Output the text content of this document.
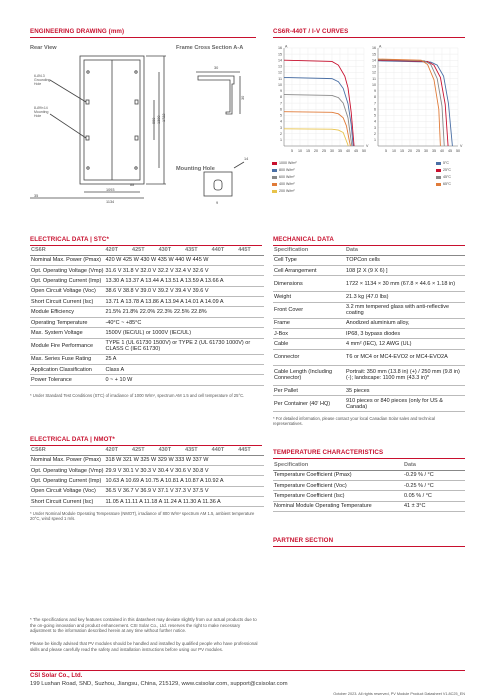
ENGINEERING DRAWING (mm)
Rear View	Frame Cross Section A-A
Mounting Hole
1722
1300
990
1093
1134
88
35
6-Ø4.3 Grounding Hole
8-Ø9×14 Mounting Hole
30
30
14
9
CS6R-440T / I-V CURVES
16
15
14
13
12
11
10
9
8
7
6
5
4
3
2
1
5 10 15 20 25 30 35 40 45 50
A
V
16
15
14
13
12
11
10
9
8
7
6
5
4
3
2
1
5 10 15 20 25 30 35 40 45 50
A
V
1000 W/m²
800 W/m²
600 W/m²
400 W/m²
200 W/m²
5°C
25°C
45°C
65°C
ELECTRICAL DATA | STC*
CS6R	420T	425T	430T	435T	440T	445T
Nominal Max. Power (Pmax)	420 W 425 W 430 W 435 W 440 W 445 W					
Opt. Operating Voltage (Vmp)	31.6 V 31.8 V 32.0 V 32.2 V 32.4 V 32.6 V					
Opt. Operating Current (Imp)	13.30 A 13.37 A 13.44 A 13.51 A 13.59 A 13.66 A					
Open Circuit Voltage (Voc)	38.6 V 38.8 V 39.0 V 39.2 V 39.4 V 39.6 V					
Short Circuit Current (Isc)	13.71 A 13.78 A 13.86 A 13.94 A 14.01 A 14.09 A					
Module Efficiency	21.5% 21.8% 22.0% 22.3% 22.5% 22.8%					
Operating Temperature	-40°C ~ +85°C					
Max. System Voltage	1500V (IEC/UL) or 1000V (IEC/UL)					
Module Fire Performance	TYPE 1 (UL 61730 1500V) or TYPE 2 (UL 61730 1000V) or CLASS C (IEC 61730)					
Max. Series Fuse Rating	25 A					
Application Classification	Class A					
Power Tolerance	0 ~ + 10 W					
* Under Standard Test Conditions (STC) of irradiance of 1000 W/m², spectrum AM 1.5 and cell temperature of 25°C.
MECHANICAL DATA
Specification	Data
Cell Type	TOPCon cells
Cell Arrangement	108 [2 X (9 X 6) ]
Dimensions	1722 × 1134 × 30 mm (67.8 × 44.6 × 1.18 in)
Weight	21.3 kg (47.0 lbs)
Front Cover	3.2 mm tempered glass with anti-reflective coating
Frame	Anodized aluminium alloy,
J-Box	IP68, 3 bypass diodes
Cable	4 mm² (IEC), 12 AWG (UL)
Connector	T6 or MC4 or MC4-EVO2 or MC4-EVO2A
Cable Length (Including Connector)	Portrait: 350 mm (13.8 in) (+) / 250 mm (9.8 in) (-); landscape: 1100 mm (43.3 in)*
Per Pallet	35 pieces
Per Container (40' HQ)	910 pieces or 840 pieces (only for US & Canada)
* For detailed information, please contact your local Canadian Solar sales and technical representatives.
ELECTRICAL DATA | NMOT*
CS6R	420T	425T	430T	435T	440T	445T
Nominal Max. Power (Pmax)	318 W 321 W 325 W 329 W 333 W 337 W					
Opt. Operating Voltage (Vmp)	29.9 V 30.1 V 30.3 V 30.4 V 30.6 V 30.8 V					
Opt. Operating Current (Imp)	10.63 A 10.69 A 10.75 A 10.81 A 10.87 A 10.92 A					
Open Circuit Voltage (Voc)	36.5 V 36.7 V 36.9 V 37.1 V 37.3 V 37.5 V					
Short Circuit Current (Isc)	11.05 A 11.11 A 11.18 A 11.24 A 11.30 A 11.36 A					
* Under Nominal Module Operating Temperature (NMOT), irradiance of 800 W/m² spectrum AM 1.5, ambient temperature 20°C, wind speed 1 m/s.
TEMPERATURE CHARACTERISTICS
Specification	Data
Temperature Coefficient (Pmax)	-0.29 % / °C
Temperature Coefficient (Voc)	-0.25 % / °C
Temperature Coefficient (Isc)	0.05 % / °C
Nominal Module Operating Temperature	41 ± 3°C
PARTNER SECTION
* The specifications and key features contained in this datasheet may deviate slightly from our actual products due to the on-going innovation and product enhancement. CSI Solar Co., Ltd. reserves the right to make necessary adjustment to the information described herein at any time without further notice.
Please be kindly advised that PV modules should be handled and installed by qualified people who have professional skills and please carefully read the safety and installation instructions before using our PV modules.
CSI Solar Co., Ltd.
199 Lushan Road, SND, Suzhou, Jiangsu, China, 215129, www.csisolar.com, support@csisolar.com
October 2023. All rights reserved, PV Module Product Datasheet V1.8C25_EN
